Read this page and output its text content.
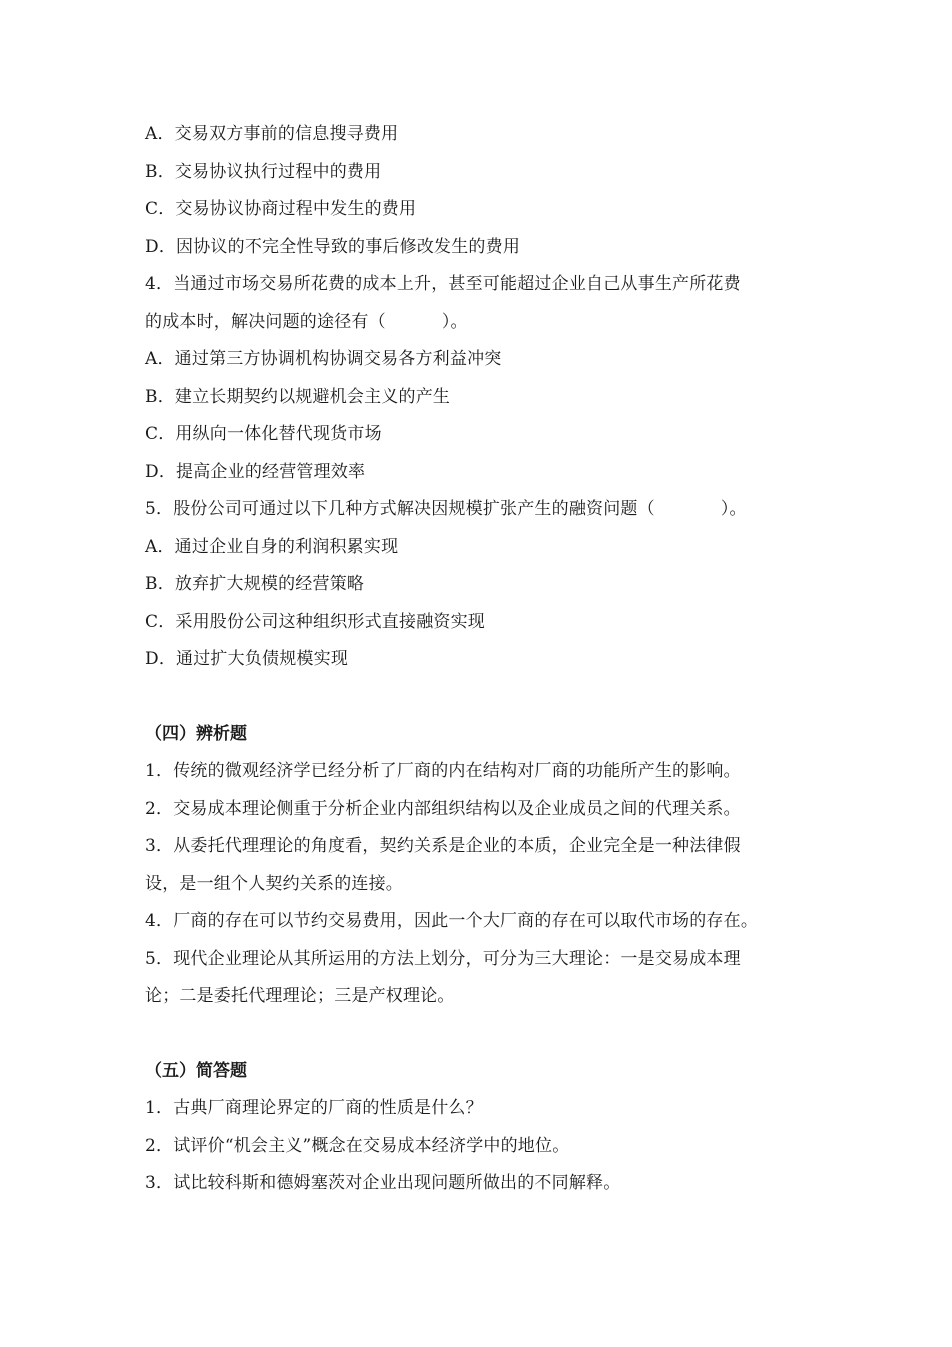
A．交易双方事前的信息搜寻费用
B．交易协议执行过程中的费用
C．交易协议协商过程中发生的费用
D．因协议的不完全性导致的事后修改发生的费用
4．当通过市场交易所花费的成本上升，甚至可能超过企业自己从事生产所花费
的成本时，解决问题的途径有（	）。
A．通过第三方协调机构协调交易各方利益冲突
B．建立长期契约以规避机会主义的产生
C．用纵向一体化替代现货市场
D．提高企业的经营管理效率
5．股份公司可通过以下几种方式解决因规模扩张产生的融资问题（	）。
A．通过企业自身的利润积累实现
B．放弃扩大规模的经营策略
C．采用股份公司这种组织形式直接融资实现
D．通过扩大负债规模实现
（四）辨析题
1．传统的微观经济学已经分析了厂商的内在结构对厂商的功能所产生的影响。
2．交易成本理论侧重于分析企业内部组织结构以及企业成员之间的代理关系。
3．从委托代理理论的角度看，契约关系是企业的本质，企业完全是一种法律假
设，是一组个人契约关系的连接。
4．厂商的存在可以节约交易费用，因此一个大厂商的存在可以取代市场的存在。
5．现代企业理论从其所运用的方法上划分，可分为三大理论：一是交易成本理
论；二是委托代理理论；三是产权理论。
（五）简答题
1．古典厂商理论界定的厂商的性质是什么？
2．试评价“机会主义”概念在交易成本经济学中的地位。
3．试比较科斯和德姆塞茨对企业出现问题所做出的不同解释。
